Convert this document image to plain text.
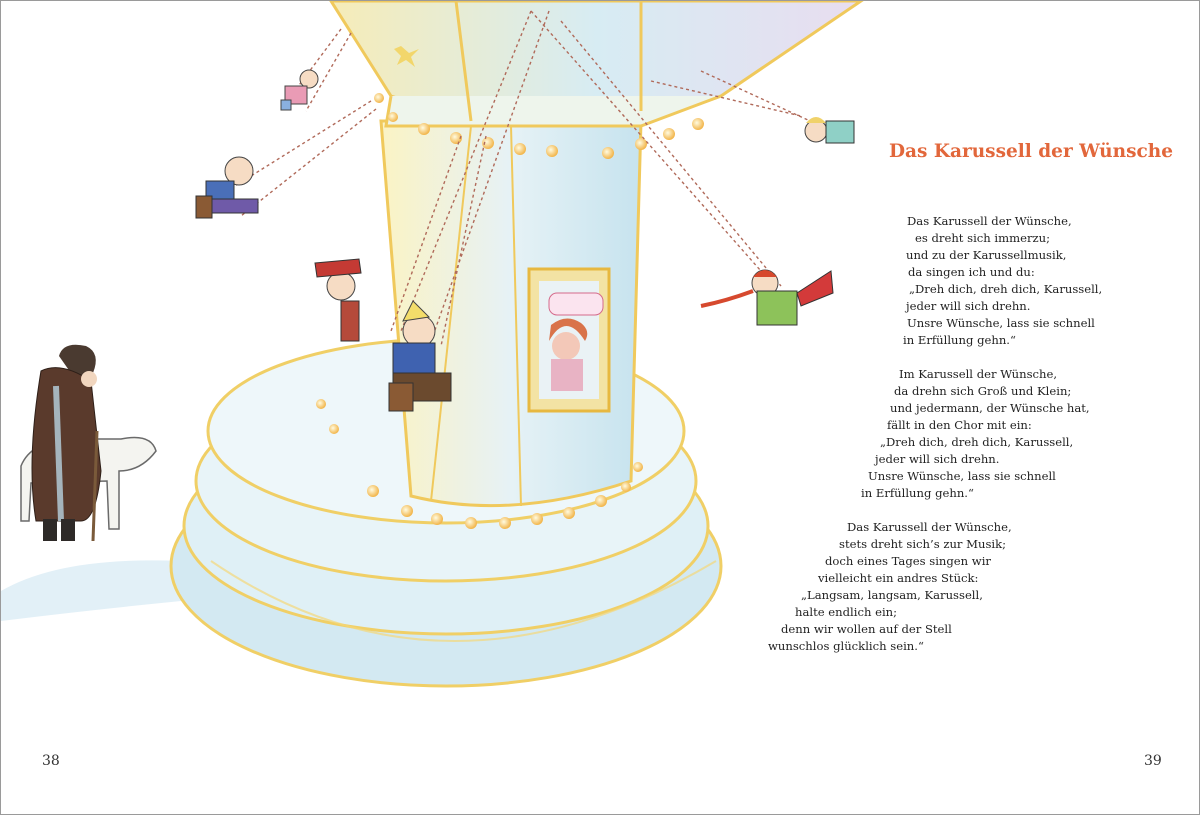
Das Karussell der Wünsche
Das Karussell der Wünsche,
es dreht sich immerzu;
und zu der Karussellmusik,
da singen ich und du:
„Dreh dich, dreh dich, Karussell,
jeder will sich drehn.
Unsre Wünsche, lass sie schnell
in Erfüllung gehn.“
Im Karussell der Wünsche,
da drehn sich Groß und Klein;
und jedermann, der Wünsche hat,
fällt in den Chor mit ein:
„Dreh dich, dreh dich, Karussell,
jeder will sich drehn.
Unsre Wünsche, lass sie schnell
in Erfüllung gehn.“
Das Karussell der Wünsche,
stets dreht sich’s zur Musik;
doch eines Tages singen wir
vielleicht ein andres Stück:
„Langsam, langsam, Karussell,
halte endlich ein;
denn wir wollen auf der Stell
wunschlos glücklich sein.“
38	39
